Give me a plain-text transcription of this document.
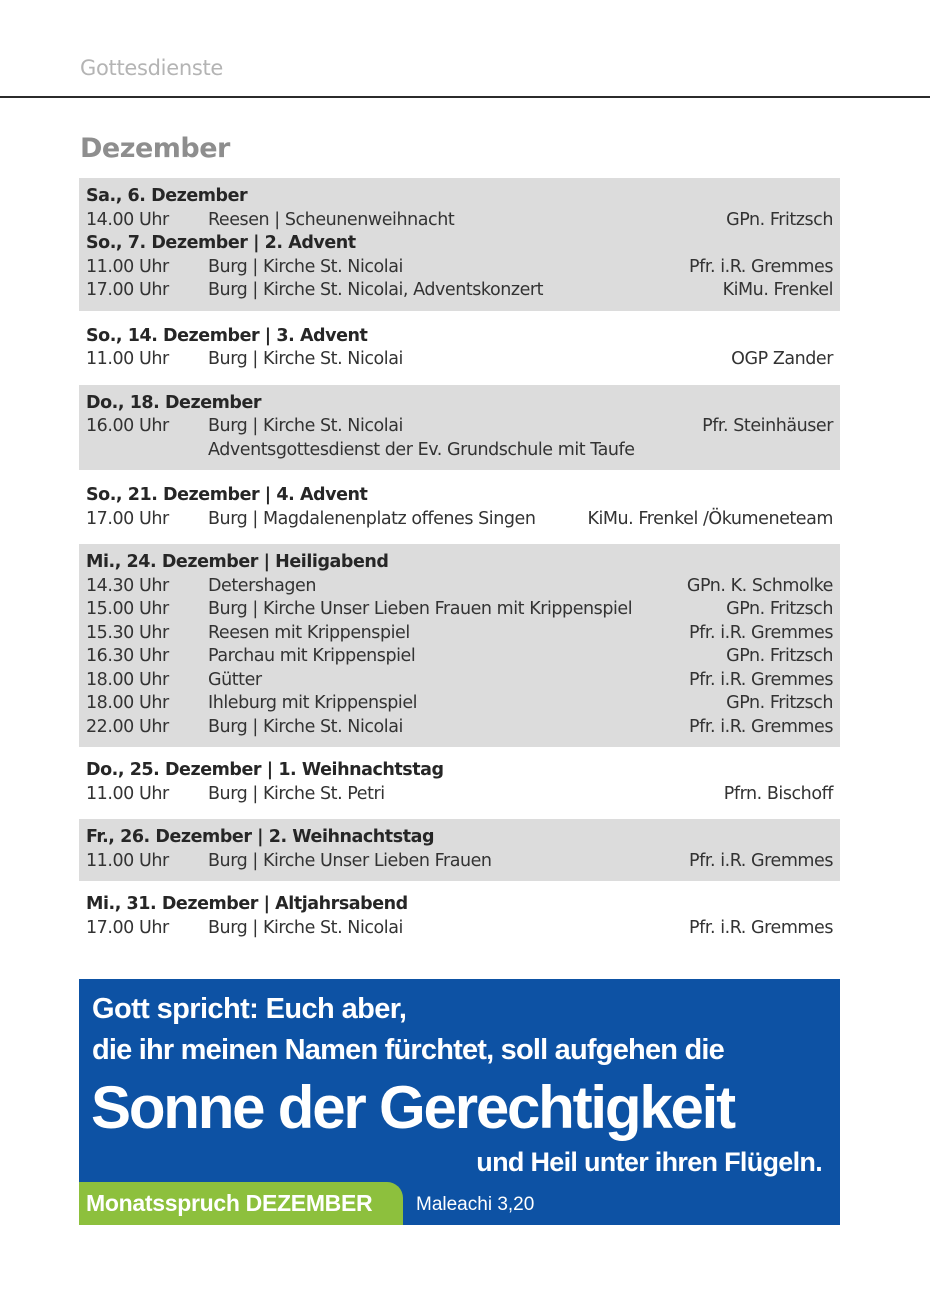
Gottesdienste
Dezember
Sa., 6. Dezember
14.00 Uhr Reesen | Scheunenweihnacht	GPn. Fritzsch
So., 7. Dezember | 2. Advent
11.00 Uhr Burg | Kirche St. Nicolai	Pfr. i.R. Gremmes
17.00 Uhr Burg | Kirche St. Nicolai, Adventskonzert	KiMu. Frenkel
So., 14. Dezember | 3. Advent
11.00 Uhr Burg | Kirche St. Nicolai	OGP Zander
Do., 18. Dezember
16.00 Uhr Burg | Kirche St. Nicolai	Pfr. Steinhäuser
Adventsgottesdienst der Ev. Grundschule mit Taufe
So., 21. Dezember | 4. Advent
17.00 Uhr Burg | Magdalenenplatz offenes Singen	KiMu. Frenkel /Ökumeneteam
Mi., 24. Dezember | Heiligabend
14.30 Uhr Detershagen	GPn. K. Schmolke
15.00 Uhr Burg | Kirche Unser Lieben Frauen mit Krippenspiel	GPn. Fritzsch
15.30 Uhr Reesen mit Krippenspiel	Pfr. i.R. Gremmes
16.30 Uhr Parchau mit Krippenspiel	GPn. Fritzsch
18.00 Uhr Gütter	Pfr. i.R. Gremmes
18.00 Uhr Ihleburg mit Krippenspiel	GPn. Fritzsch
22.00 Uhr Burg | Kirche St. Nicolai	Pfr. i.R. Gremmes
Do., 25. Dezember | 1. Weihnachtstag
11.00 Uhr Burg | Kirche St. Petri	Pfrn. Bischoff
Fr., 26. Dezember | 2. Weihnachtstag
11.00 Uhr Burg | Kirche Unser Lieben Frauen	Pfr. i.R. Gremmes
Mi., 31. Dezember | Altjahrsabend
17.00 Uhr Burg | Kirche St. Nicolai	Pfr. i.R. Gremmes
Gott spricht: Euch aber,
die ihr meinen Namen fürchtet, soll aufgehen die
Sonne der Gerechtigkeit
und Heil unter ihren Flügeln.
Monatsspruch DEZEMBER Maleachi 3,20
